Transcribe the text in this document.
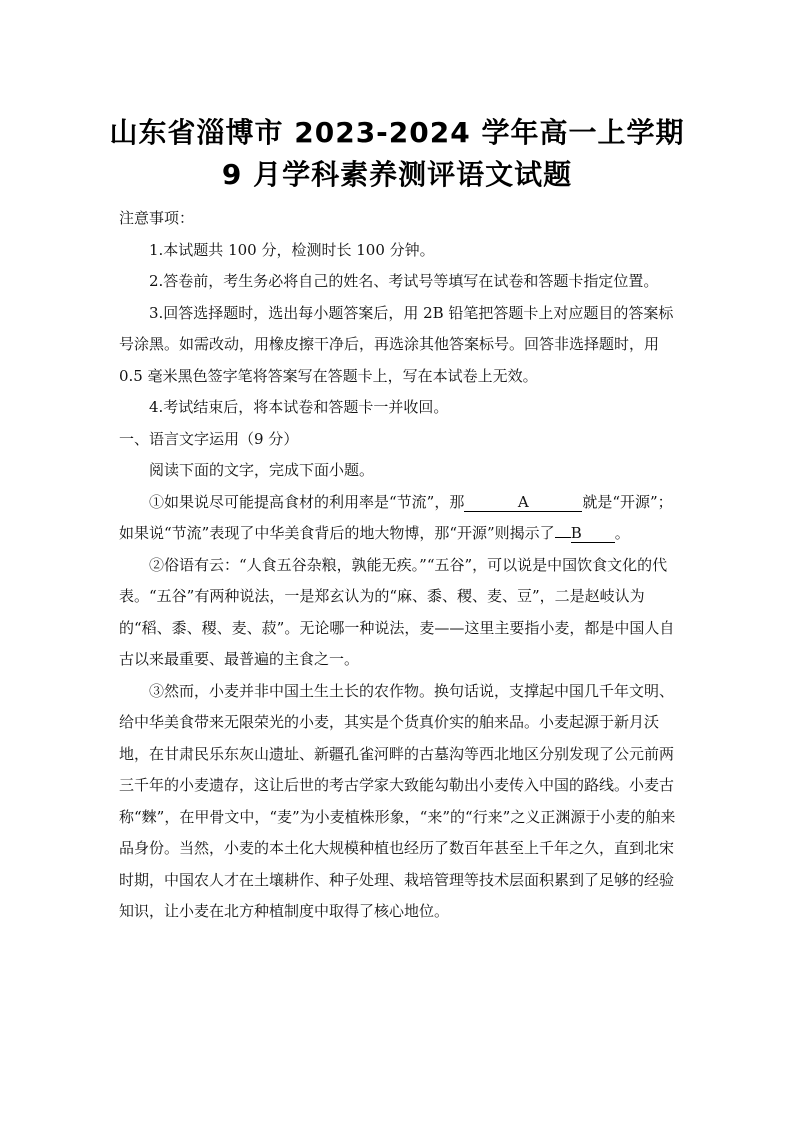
山东省淄博市 2023-2024 学年高一上学期
9 月学科素养测评语文试题

注意事项：

1.本试题共 100 分，检测时长 100 分钟。

2.答卷前，考生务必将自己的姓名、考试号等填写在试卷和答题卡指定位置。

3.回答选择题时，选出每小题答案后，用 2B 铅笔把答题卡上对应题目的答案标号涂黑。如需改动，用橡皮擦干净后，再选涂其他答案标号。回答非选择题时，用 0.5 毫米黑色签字笔将答案写在答题卡上，写在本试卷上无效。

4.考试结束后，将本试卷和答题卡一并收回。

一、语言文字运用（9 分）

阅读下面的文字，完成下面小题。

①如果说尽可能提高食材的利用率是“节流”，那	A	就是“开源”；如果说“节流”表现了中华美食背后的地大物博，那“开源”则揭示了 B 。

②俗语有云：“人食五谷杂粮，孰能无疾。”“五谷”，可以说是中国饮食文化的代表。“五谷”有两种说法，一是郑玄认为的“麻、黍、稷、麦、豆”，二是赵岐认为的“稻、黍、稷、麦、菽”。无论哪一种说法，麦——这里主要指小麦，都是中国人自古以来最重要、最普遍的主食之一。

③然而，小麦并非中国土生土长的农作物。换句话说，支撑起中国几千年文明、给中华美食带来无限荣光的小麦，其实是个货真价实的舶来品。小麦起源于新月沃地，在甘肃民乐东灰山遗址、新疆孔雀河畔的古墓沟等西北地区分别发现了公元前两三千年的小麦遗存，这让后世的考古学家大致能勾勒出小麦传入中国的路线。小麦古称“麳”，在甲骨文中，“麦”为小麦植株形象，“来”的“行来”之义正渊源于小麦的舶来品身份。当然，小麦的本土化大规模种植也经历了数百年甚至上千年之久，直到北宋时期，中国农人才在土壤耕作、种子处理、栽培管理等技术层面积累到了足够的经验知识，让小麦在北方种植制度中取得了核心地位。
